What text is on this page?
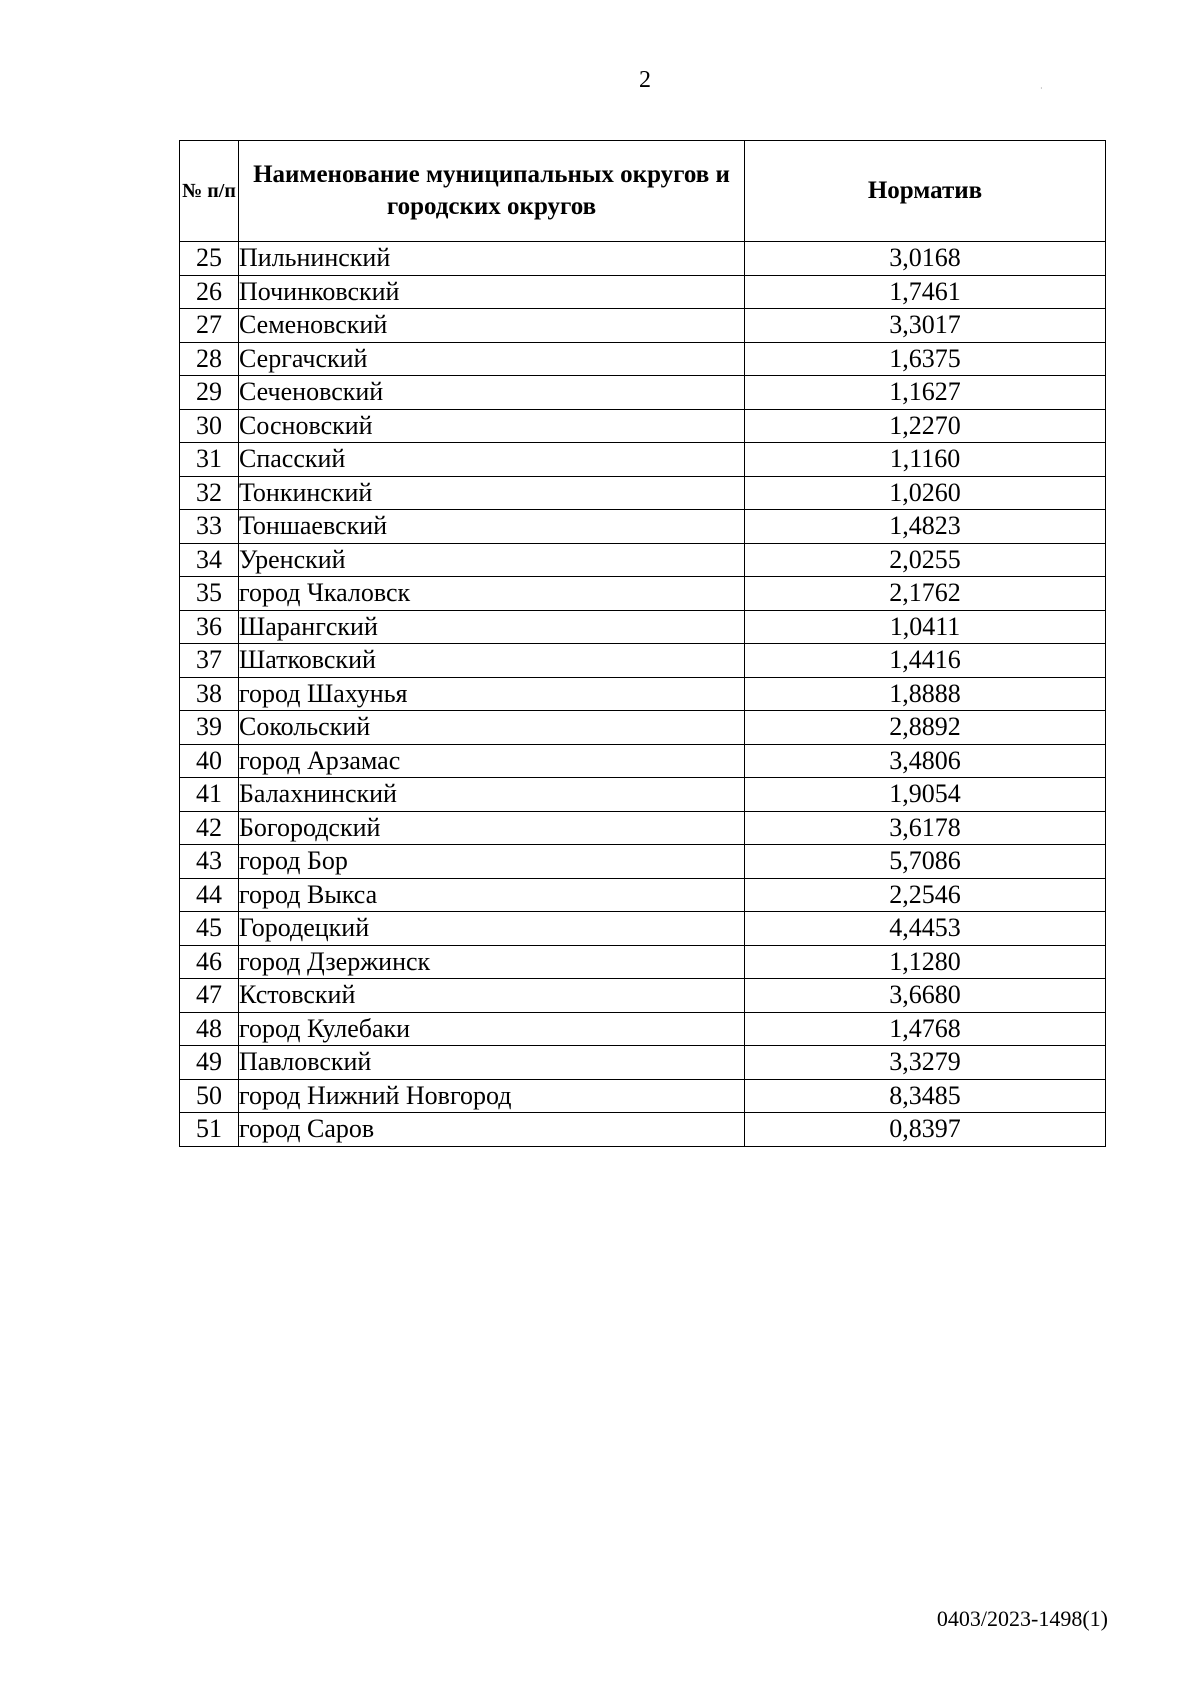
2	·
№ п/п	Наименование муниципальных округов и городских округов	Норматив
25	Пильнинский	3,0168
26	Починковский	1,7461
27	Семеновский	3,3017
28	Сергачский	1,6375
29	Сеченовский	1,1627
30	Сосновский	1,2270
31	Спасский	1,1160
32	Тонкинский	1,0260
33	Тоншаевский	1,4823
34	Уренский	2,0255
35	город Чкаловск	2,1762
36	Шарангский	1,0411
37	Шатковский	1,4416
38	город Шахунья	1,8888
39	Сокольский	2,8892
40	город Арзамас	3,4806
41	Балахнинский	1,9054
42	Богородский	3,6178
43	город Бор	5,7086
44	город Выкса	2,2546
45	Городецкий	4,4453
46	город Дзержинск	1,1280
47	Кстовский	3,6680
48	город Кулебаки	1,4768
49	Павловский	3,3279
50	город Нижний Новгород	8,3485
51	город Саров	0,8397
0403/2023-1498(1)
